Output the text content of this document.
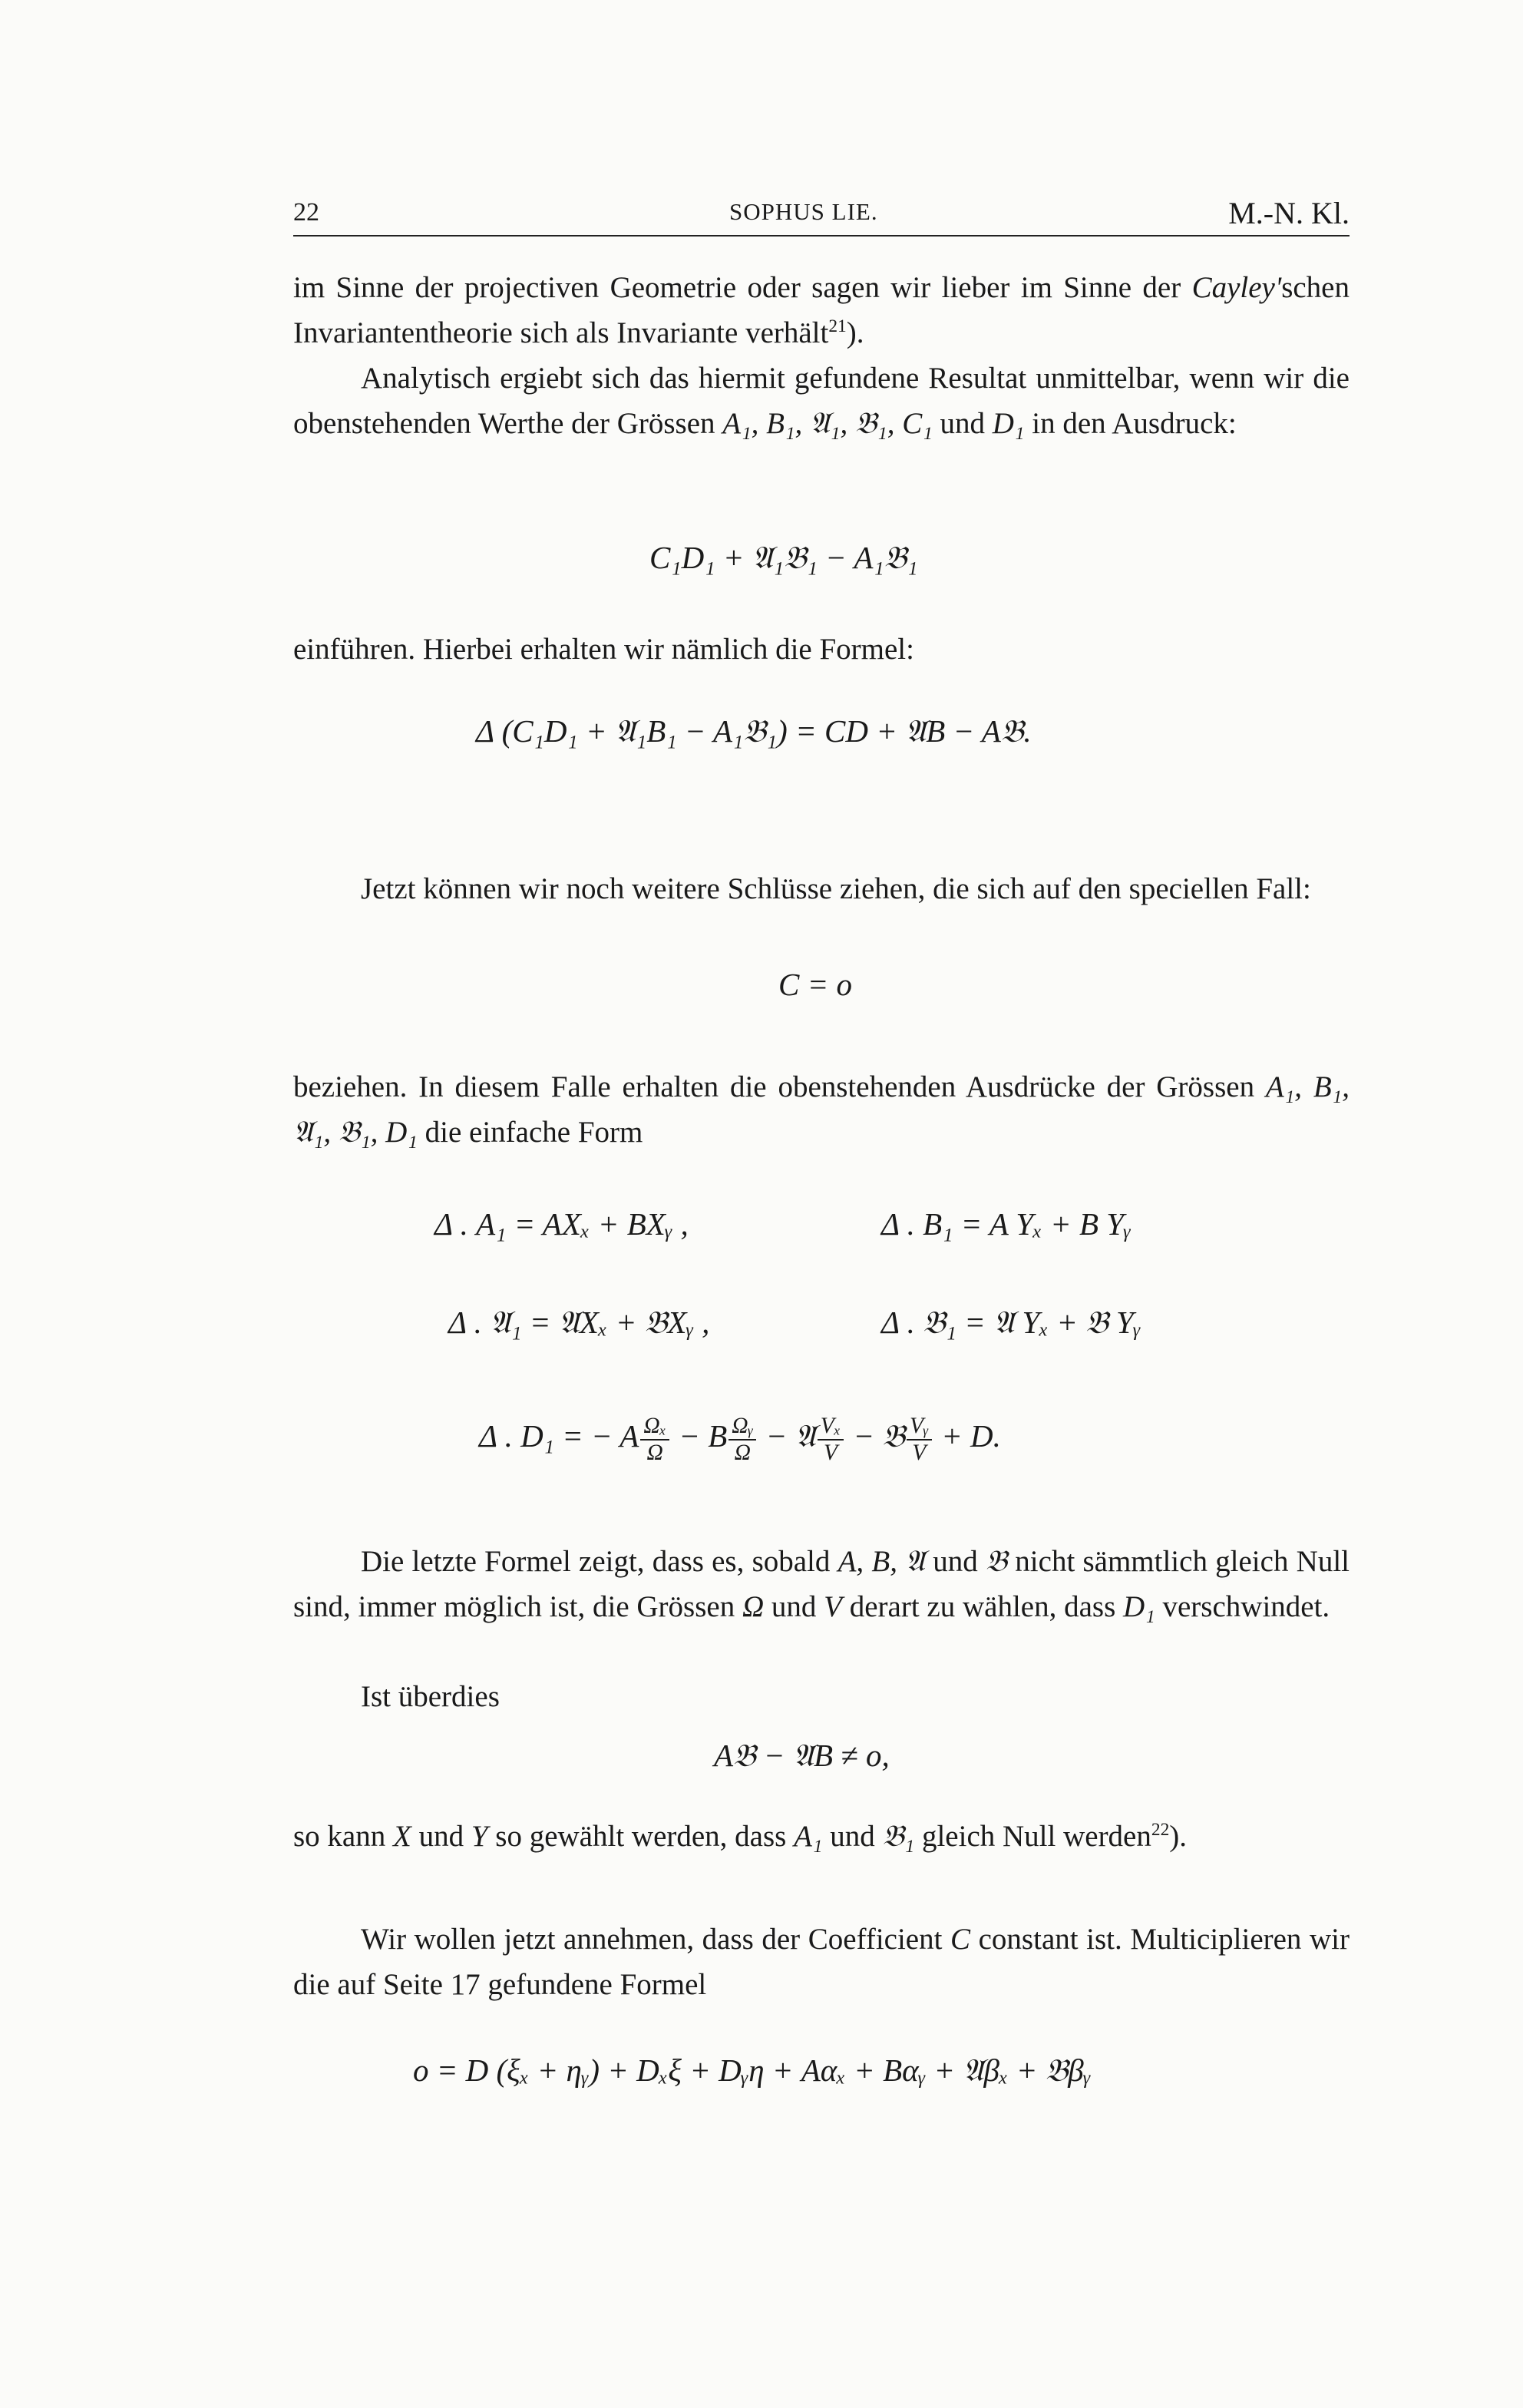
22	SOPHUS LIE.	M.-N. Kl.
im Sinne der projectiven Geometrie oder sagen wir lieber im Sinne der Cayley'schen Invariantentheorie sich als Invariante verhält$^{21}$).
Analytisch ergiebt sich das hiermit gefundene Resultat unmittelbar, wenn wir die obenstehenden Werthe der Grössen A₁, B₁, 𝔄₁, 𝔅₁, C₁ und D₁ in den Ausdruck:
C₁D₁ + 𝔄₁𝔅₁ − A₁𝔅₁
einführen. Hierbei erhalten wir nämlich die Formel:
Δ (C₁D₁ + 𝔄₁B₁ − A₁𝔅₁) = CD + 𝔄B − A𝔅.
Jetzt können wir noch weitere Schlüsse ziehen, die sich auf den speciellen Fall:
C = o
beziehen. In diesem Falle erhalten die obenstehenden Ausdrücke der Grössen A₁, B₁, 𝔄₁, 𝔅₁, D₁ die einfache Form
Δ . A₁ = AXₓ + BXᵧ ,	Δ . B₁ = A Yₓ + B Yᵧ
Δ . 𝔄₁ = 𝔄Xₓ + 𝔅Xᵧ ,	Δ . 𝔅₁ = 𝔄 Yₓ + 𝔅 Yᵧ
Δ . D₁ = − A $\frac{\text{Ωₓ}}{\Omega} - B \frac{\text{Ωᵧ}}{\Omega}$ − 𝔄 $\frac{\text{Vₓ}}{V}$ − 𝔅 $\frac{\text{Vᵧ}}{V} + D$.
Die letzte Formel zeigt, dass es, sobald A, B, 𝔄 und 𝔅 nicht sämmtlich gleich Null sind, immer möglich ist, die Grössen Ω und V derart zu wählen, dass D₁ verschwindet.
Ist überdies
A𝔅 − 𝔄B ≠ o,
so kann X und Y so gewählt werden, dass A₁ und 𝔅₁ gleich Null werden$^{22}$).
Wir wollen jetzt annehmen, dass der Coefficient C constant ist. Multiciplieren wir die auf Seite 17 gefundene Formel
o = D (ξₓ + ηᵧ) + Dₓξ + Dᵧη + Aαₓ + Bαᵧ + 𝔄βₓ + 𝔅βᵧ
